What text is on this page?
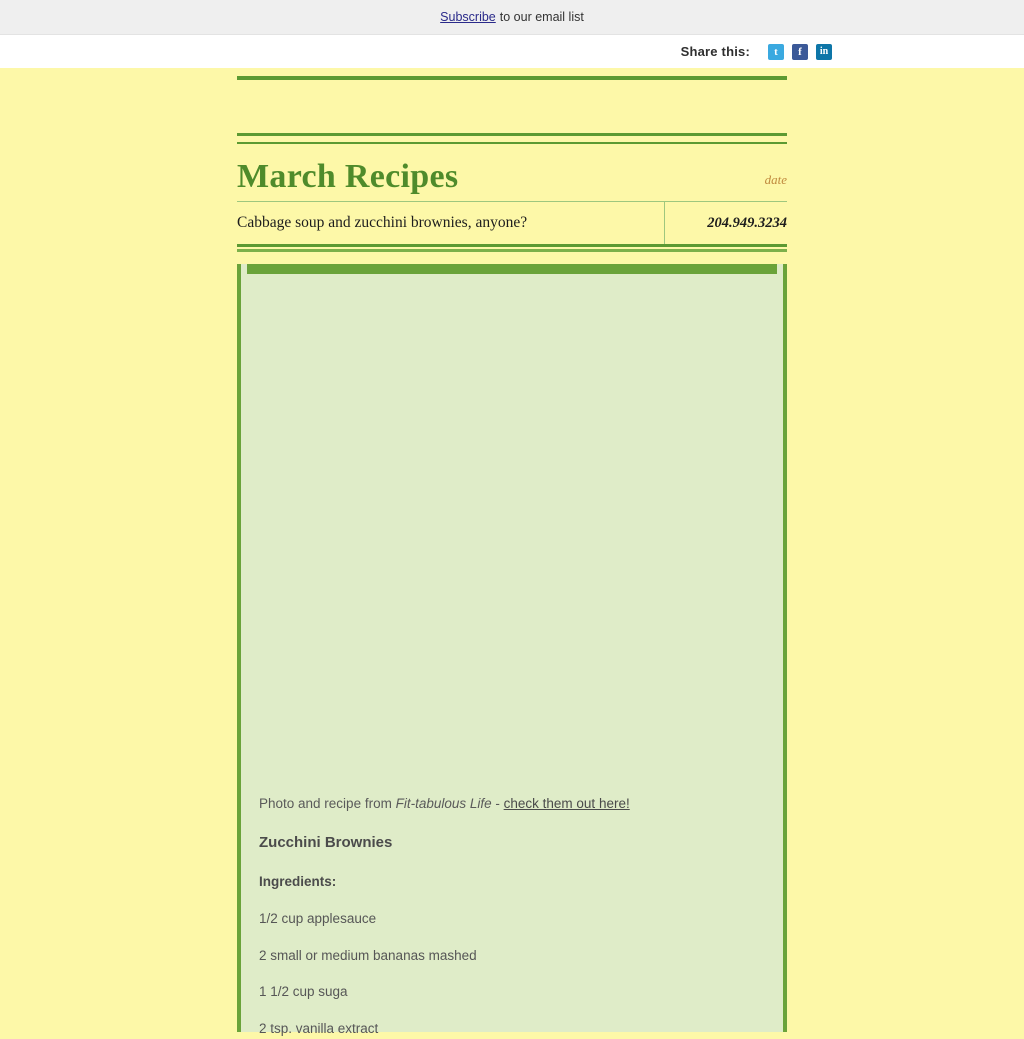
Subscribe to our email list
Share this:	t	f	in
March Recipes	date
Cabbage soup and zucchini brownies, anyone?	204.949.3234

Photo and recipe from Fit-tabulous Life - check them out here!

Zucchini Brownies

Ingredients:

1/2 cup applesauce

2 small or medium bananas mashed

1 1/2 cup suga

2 tsp. vanilla extract
